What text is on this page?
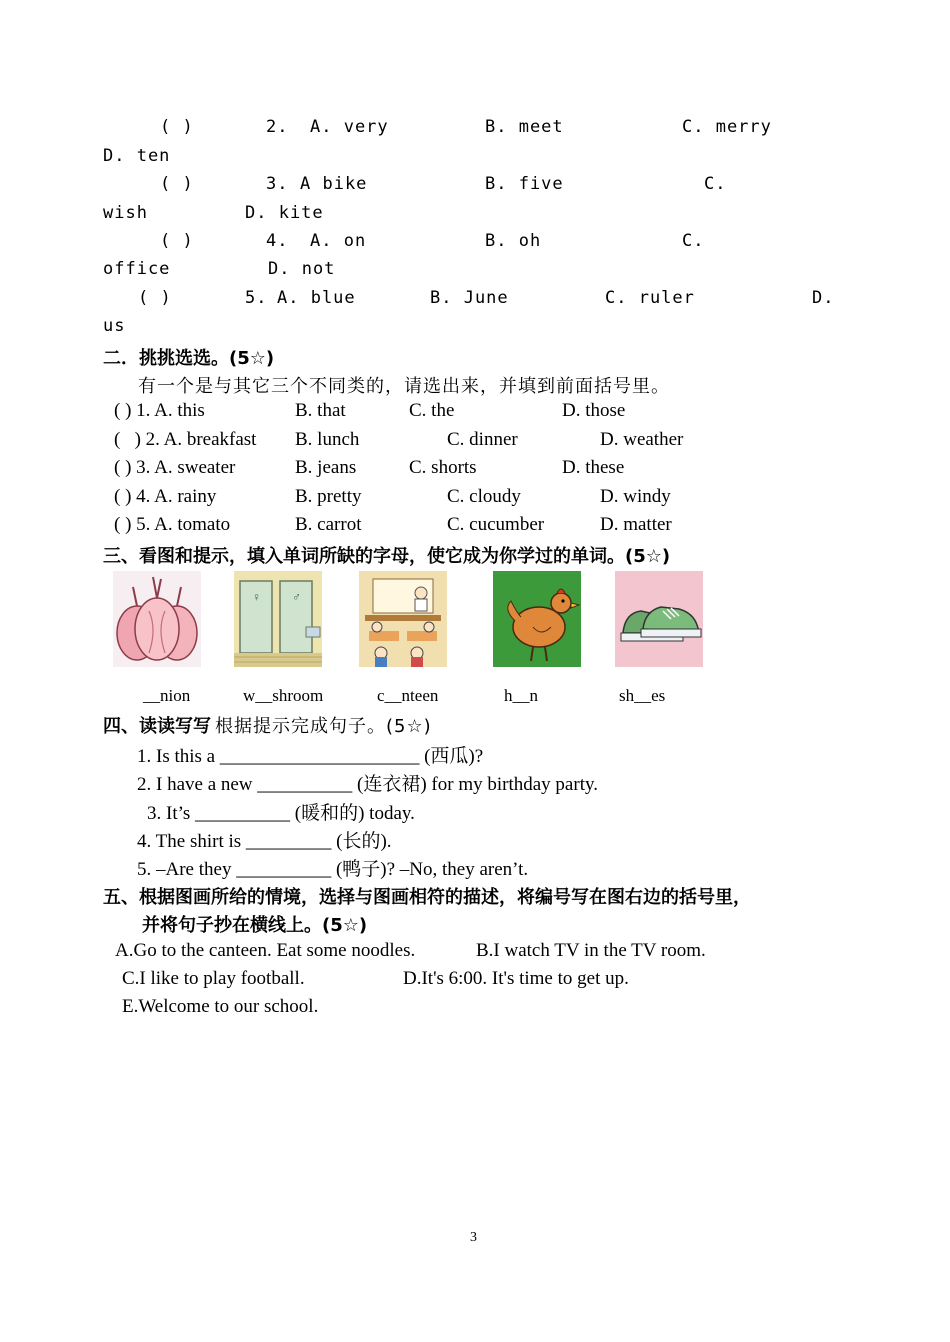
( )	2. A. very	B. meet	C. merry
D. ten
( )	3. A bike	B. five	C.
wish	D. kite
( )	4. A. on	B. oh	C.
office	D. not
( )	5. A. blue	B. June	C. ruler	D.
us
二．挑挑选选。(5☆)
有一个是与其它三个不同类的，请选出来，并填到前面括号里。
( ) 1. A. this	B. that	C. the	D. those
(   ) 2. A. breakfast B. lunch	C. dinner	D. weather
( ) 3. A. sweater	B. jeans	C. shorts	D. these
( ) 4. A. rainy	B. pretty	C. cloudy	D. windy
( ) 5. A. tomato	B. carrot	C. cucumber	D. matter
三、看图和提示，填入单词所缺的字母，使它成为你学过的单词。(5☆)
♀	♂
__nion	w__shroom	c__nteen	h__n	sh__es
四、读读写写 根据提示完成句子。(5☆)
1. Is this a _____________________ (西瓜)?
2. I have a new __________ (连衣裙) for my birthday party.
3. It’s __________ (暖和的) today.
4. The shirt is _________ (长的).
5. –Are they __________ (鸭子)? –No, they aren’t.
五、根据图画所给的情境，选择与图画相符的描述，将编号写在图右边的括号里，
并将句子抄在横线上。(5☆)
A.Go to the canteen. Eat some noodles.	B.I watch TV in the TV room.
C.I like to play football.	D.It's 6:00. It's time to get up.
E.Welcome to our school.
3
